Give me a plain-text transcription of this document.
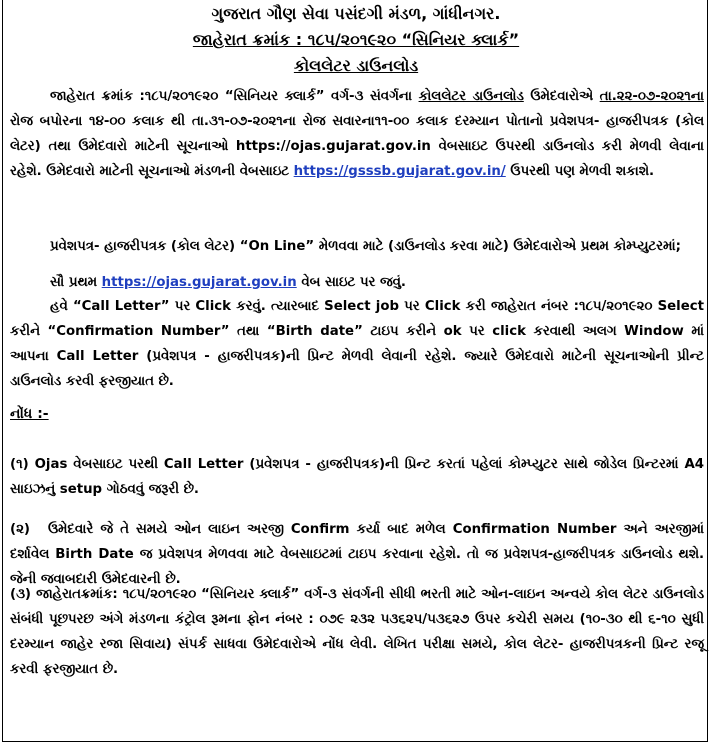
ગુજરાત ગૌણ સેવા પસંદગી મંડળ, ગાંધીનગર.
જાહેરાત ક્રમાંક : ૧૮૫/૨૦૧૯૨૦ “સિનિયર ક્લાર્ક”
કોલલેટર ડાઉનલોડ
જાહેરાત ક્રમાંક :૧૮૫/૨૦૧૯૨૦ “સિનિયર ક્લાર્ક” વર્ગ-૩ સંવર્ગના કોલલેટર ડાઉનલોડ ઉમેદવારોએ તા.૨૨-૦૭-૨૦૨૧ના રોજ બપોરના ૧૪-૦૦ કલાક થી તા.૩૧-૦૭-૨૦૨૧ના રોજ સવારના૧૧-૦૦ કલાક દરમ્યાન પોતાનો પ્રવેશપત્ર- હાજરીપત્રક (કોલ લેટર) તથા ઉમેદવારો માટેની સૂચનાઓ https://ojas.gujarat.gov.in વેબસાઇટ ઉપરથી ડાઉનલોડ કરી મેળવી લેવાના રહેશે. ઉમેદવારો માટેની સૂચનાઓ મંડળની વેબસાઇટ https://gsssb.gujarat.gov.in/ ઉપરથી પણ મેળવી શકાશે.
પ્રવેશપત્ર- હાજરીપત્રક (કોલ લેટર) “On Line” મેળવવા માટે (ડાઉનલોડ કરવા માટે) ઉમેદવારોએ પ્રથમ કોમ્પ્યુટરમાં;
સૌ પ્રથમ https://ojas.gujarat.gov.in વેબ સાઇટ પર જવું.
હવે “Call Letter” પર Click કરવું. ત્યારબાદ Select job પર Click કરી જાહેરાત નંબર :૧૮૫/૨૦૧૯૨૦ Select કરીને “Confirmation Number” તથા “Birth date” ટાઇપ કરીને ok પર click કરવાથી અલગ Window માં આપના Call Letter (પ્રવેશપત્ર - હાજરીપત્રક)ની પ્રિન્ટ મેળવી લેવાની રહેશે. જ્યારે ઉમેદવારો માટેની સૂચનાઓની પ્રીન્ટ ડાઉનલોડ કરવી ફરજીયાત છે.
નોંધ :-
(૧) Ojas વેબસાઇટ પરથી Call Letter (પ્રવેશપત્ર - હાજરીપત્રક)ની પ્રિન્ટ કરતાં પહેલાં કોમ્પ્યુટર સાથે જોડેલ પ્રિન્ટરમાં A4 સાઇઝનું setup ગોઠવવું જરૂરી છે.
(૨) ઉમેદવારે જે તે સમયે ઓન લાઇન અરજી Confirm કર્યા બાદ મળેલ Confirmation Number અને અરજીમાં દર્શાવેલ Birth Date જ પ્રવેશપત્ર મેળવવા માટે વેબસાઇટમાં ટાઇપ કરવાના રહેશે. તો જ પ્રવેશપત્ર-હાજરીપત્રક ડાઉનલોડ થશે. જેની જવાબદારી ઉમેદવારની છે.
(૩) જાહેરાતક્રમાંક: ૧૮૫/૨૦૧૯૨૦ “સિનિયર ક્લાર્ક” વર્ગ-૩ સંવર્ગની સીધી ભરતી માટે ઓન-લાઇન અન્વયે કોલ લેટર ડાઉનલોડ સંબંધી પૂછપરછ અંગે મંડળના કંટ્રોલ રૂમના ફોન નંબર : ૦૭૯ ૨૩૨ ૫૩૬૨૫/૫૩૬૨૭ ઉપર કચેરી સમય (૧૦-૩૦ થી ૬-૧૦ સુધી દરમ્યાન જાહેર રજા સિવાય) સંપર્ક સાધવા ઉમેદવારોએ નોંધ લેવી. લેખિત પરીક્ષા સમયે, કોલ લેટર- હાજરીપત્રકની પ્રિન્ટ રજૂ કરવી ફરજીયાત છે.
